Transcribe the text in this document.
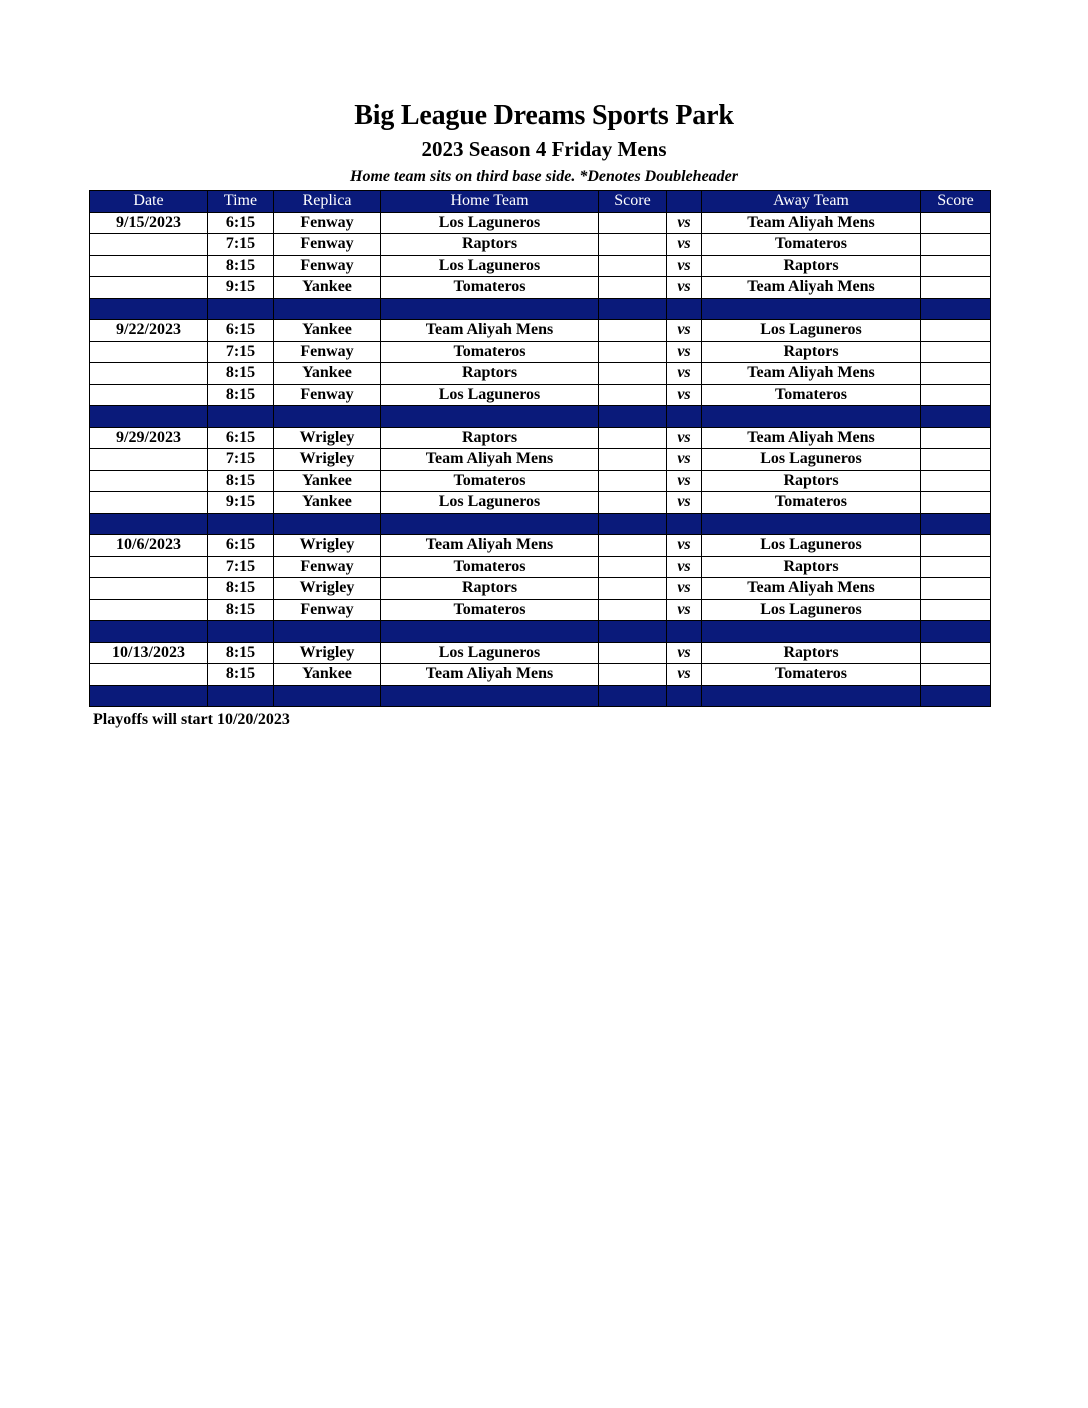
Big League Dreams Sports Park
2023 Season 4 Friday Mens
Home team sits on third base side. *Denotes Doubleheader
Date	Time	Replica	Home Team	Score		Away Team	Score
9/15/2023	6:15	Fenway	Los Laguneros		vs	Team Aliyah Mens	
	7:15	Fenway	Raptors		vs	Tomateros	
	8:15	Fenway	Los Laguneros		vs	Raptors	
	9:15	Yankee	Tomateros		vs	Team Aliyah Mens	

9/22/2023	6:15	Yankee	Team Aliyah Mens		vs	Los Laguneros	
	7:15	Fenway	Tomateros		vs	Raptors	
	8:15	Yankee	Raptors		vs	Team Aliyah Mens	
	8:15	Fenway	Los Laguneros		vs	Tomateros	

9/29/2023	6:15	Wrigley	Raptors		vs	Team Aliyah Mens	
	7:15	Wrigley	Team Aliyah Mens		vs	Los Laguneros	
	8:15	Yankee	Tomateros		vs	Raptors	
	9:15	Yankee	Los Laguneros		vs	Tomateros	

10/6/2023	6:15	Wrigley	Team Aliyah Mens		vs	Los Laguneros	
	7:15	Fenway	Tomateros		vs	Raptors	
	8:15	Wrigley	Raptors		vs	Team Aliyah Mens	
	8:15	Fenway	Tomateros		vs	Los Laguneros	

10/13/2023	8:15	Wrigley	Los Laguneros		vs	Raptors	
	8:15	Yankee	Team Aliyah Mens		vs	Tomateros	

Playoffs will start 10/20/2023
